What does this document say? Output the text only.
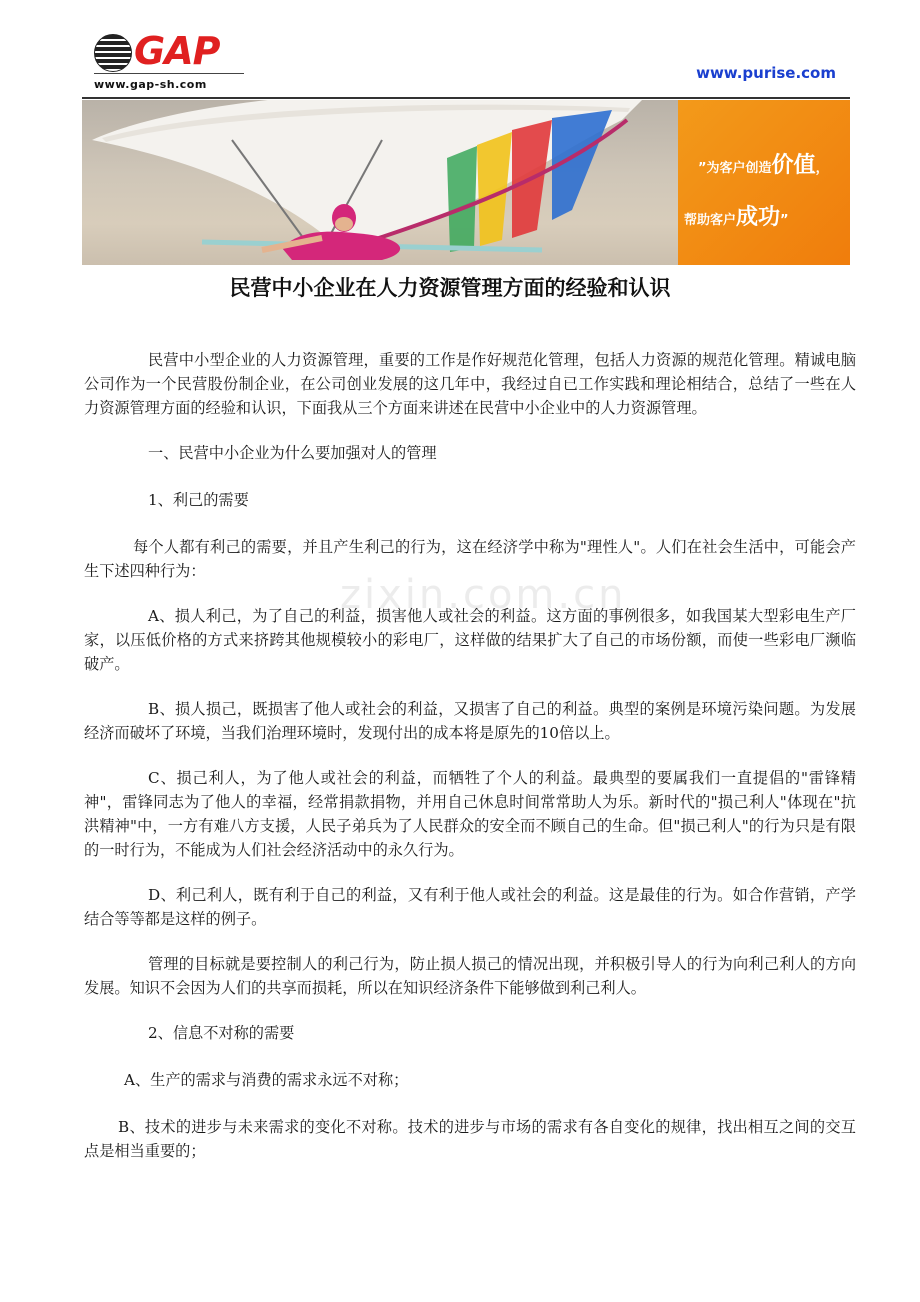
GAP
www.gap-sh.com
www.purise.com
”为客户创造价值，
帮助客户成功”
民营中小企业在人力资源管理方面的经验和认识
zixin.com.cn

民营中小型企业的人力资源管理，重要的工作是作好规范化管理，包括人力资源的规范化管理。精诚电脑公司作为一个民营股份制企业，在公司创业发展的这几年中，我经过自已工作实践和理论相结合，总结了一些在人力资源管理方面的经验和认识，下面我从三个方面来讲述在民营中小企业中的人力资源管理。

一、民营中小企业为什么要加强对人的管理

1、利己的需要

每个人都有利己的需要，并且产生利己的行为，这在经济学中称为"理性人"。人们在社会生活中，可能会产生下述四种行为：

A、损人利己，为了自己的利益，损害他人或社会的利益。这方面的事例很多，如我国某大型彩电生产厂家，以压低价格的方式来挤跨其他规模较小的彩电厂，这样做的结果扩大了自己的市场份额，而使一些彩电厂濒临破产。

B、损人损己，既损害了他人或社会的利益，又损害了自己的利益。典型的案例是环境污染问题。为发展经济而破坏了环境，当我们治理环境时，发现付出的成本将是原先的10倍以上。

C、损己利人，为了他人或社会的利益，而牺牲了个人的利益。最典型的要属我们一直提倡的"雷锋精神"，雷锋同志为了他人的幸福，经常捐款捐物，并用自己休息时间常常助人为乐。新时代的"损己利人"体现在"抗洪精神"中，一方有难八方支援，人民子弟兵为了人民群众的安全而不顾自己的生命。但"损己利人"的行为只是有限的一时行为，不能成为人们社会经济活动中的永久行为。

D、利己利人，既有利于自己的利益，又有利于他人或社会的利益。这是最佳的行为。如合作营销，产学结合等等都是这样的例子。

管理的目标就是要控制人的利己行为，防止损人损己的情况出现，并积极引导人的行为向利己利人的方向发展。知识不会因为人们的共享而损耗，所以在知识经济条件下能够做到利己利人。

2、信息不对称的需要

A、生产的需求与消费的需求永远不对称；

B、技术的进步与未来需求的变化不对称。技术的进步与市场的需求有各自变化的规律，找出相互之间的交互点是相当重要的；
